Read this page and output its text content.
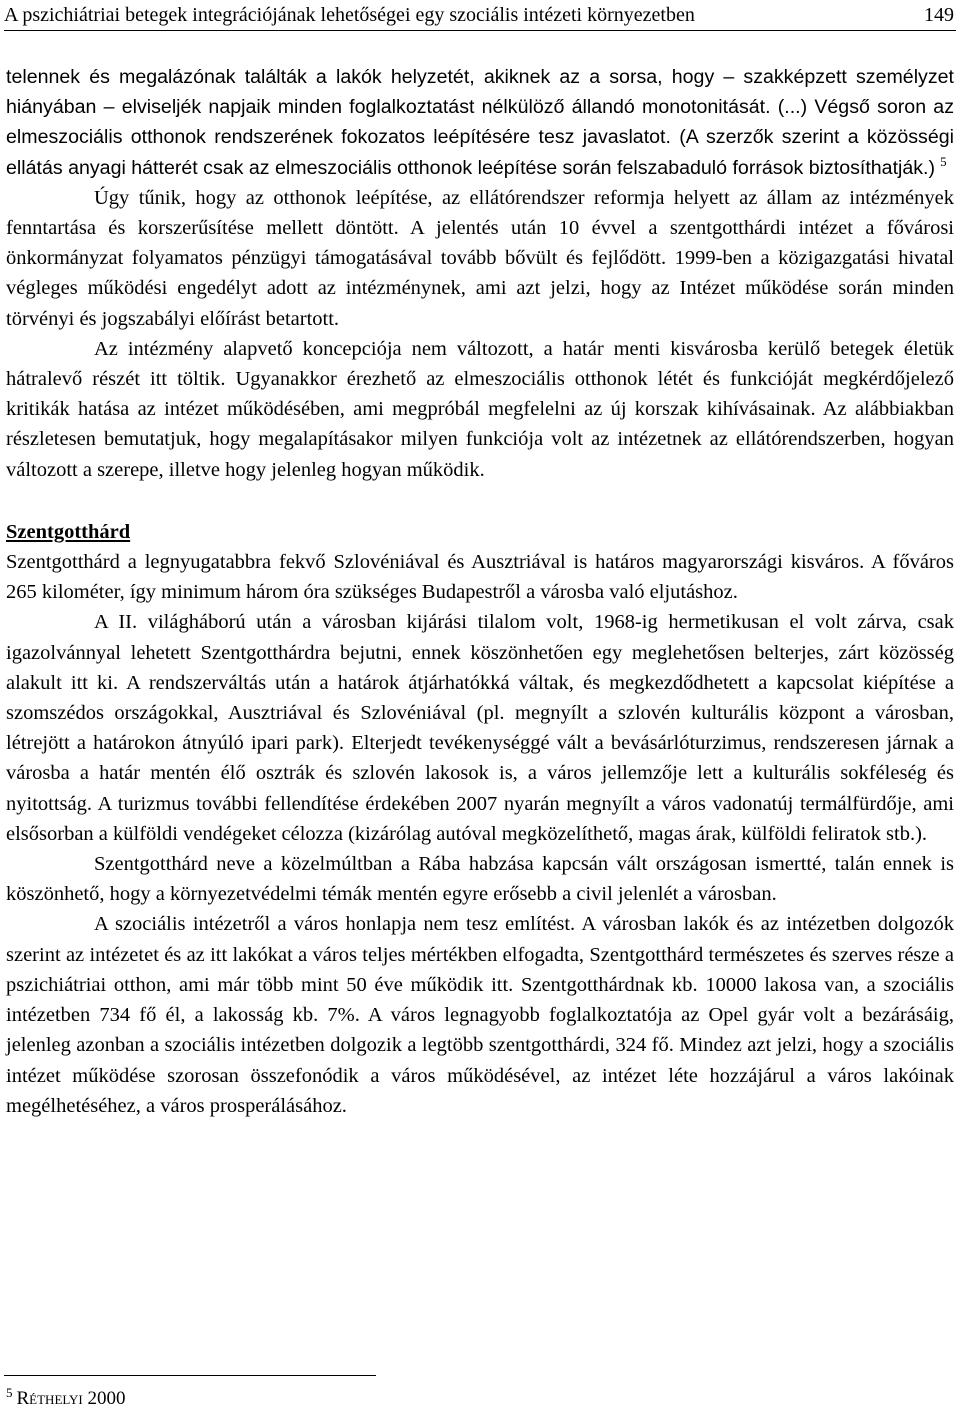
A pszichiátriai betegek integrációjának lehetőségei egy szociális intézeti környezetben	149

telennek és megalázónak találták a lakók helyzetét, akiknek az a sorsa, hogy – szakképzett személyzet hiányában – elviseljék napjaik minden foglalkoztatást nélkülöző állandó monotonitását. (...) Végső soron az elmeszociális otthonok rendszerének fokozatos leépítésére tesz javaslatot. (A szerzők szerint a közösségi ellátás anyagi hátterét csak az elmeszociális otthonok leépítése során felszabaduló források biztosíthatják.) $^5$

Úgy tűnik, hogy az otthonok leépítése, az ellátórendszer reformja helyett az állam az intézmények fenntartása és korszerűsítése mellett döntött. A jelentés után 10 évvel a szentgotthárdi intézet a fővárosi önkormányzat folyamatos pénzügyi támogatásával tovább bővült és fejlődött. 1999-ben a közigazgatási hivatal végleges működési engedélyt adott az intézménynek, ami azt jelzi, hogy az Intézet működése során minden törvényi és jogszabályi előírást betartott.

Az intézmény alapvető koncepciója nem változott, a határ menti kisvárosba kerülő betegek életük hátralevő részét itt töltik. Ugyanakkor érezhető az elmeszociális otthonok létét és funkcióját megkérdőjelező kritikák hatása az intézet működésében, ami megpróbál megfelelni az új korszak kihívásainak. Az alábbiakban részletesen bemutatjuk, hogy megalapításakor milyen funkciója volt az intézetnek az ellátórendszerben, hogyan változott a szerepe, illetve hogy jelenleg hogyan működik.

Szentgotthárd

Szentgotthárd a legnyugatabbra fekvő Szlovéniával és Ausztriával is határos magyarországi kisváros. A főváros 265 kilométer, így minimum három óra szükséges Budapestről a városba való eljutáshoz.

A II. világháború után a városban kijárási tilalom volt, 1968-ig hermetikusan el volt zárva, csak igazolvánnyal lehetett Szentgotthárdra bejutni, ennek köszönhetően egy meglehetősen belterjes, zárt közösség alakult itt ki. A rendszerváltás után a határok átjárhatókká váltak, és megkezdődhetett a kapcsolat kiépítése a szomszédos országokkal, Ausztriával és Szlovéniával (pl. megnyílt a szlovén kulturális központ a városban, létrejött a határokon átnyúló ipari park). Elterjedt tevékenységgé vált a bevásárlóturzimus, rendszeresen járnak a városba a határ mentén élő osztrák és szlovén lakosok is, a város jellemzője lett a kulturális sokféleség és nyitottság. A turizmus további fellendítése érdekében 2007 nyarán megnyílt a város vadonatúj termálfürdője, ami elsősorban a külföldi vendégeket célozza (kizárólag autóval megközelíthető, magas árak, külföldi feliratok stb.).

Szentgotthárd neve a közelmúltban a Rába habzása kapcsán vált országosan ismertté, talán ennek is köszönhető, hogy a környezetvédelmi témák mentén egyre erősebb a civil jelenlét a városban.

A szociális intézetről a város honlapja nem tesz említést. A városban lakók és az intézetben dolgozók szerint az intézetet és az itt lakókat a város teljes mértékben elfogadta, Szentgotthárd természetes és szerves része a pszichiátriai otthon, ami már több mint 50 éve működik itt. Szentgotthárdnak kb. 10000 lakosa van, a szociális intézetben 734 fő él, a lakosság kb. 7%. A város legnagyobb foglalkoztatója az Opel gyár volt a bezárásáig, jelenleg azonban a szociális intézetben dolgozik a legtöbb szentgotthárdi, 324 fő. Mindez azt jelzi, hogy a szociális intézet működése szorosan összefonódik a város működésével, az intézet léte hozzájárul a város lakóinak megélhetéséhez, a város prosperálásához.

$^5$ Réthelyi 2000
